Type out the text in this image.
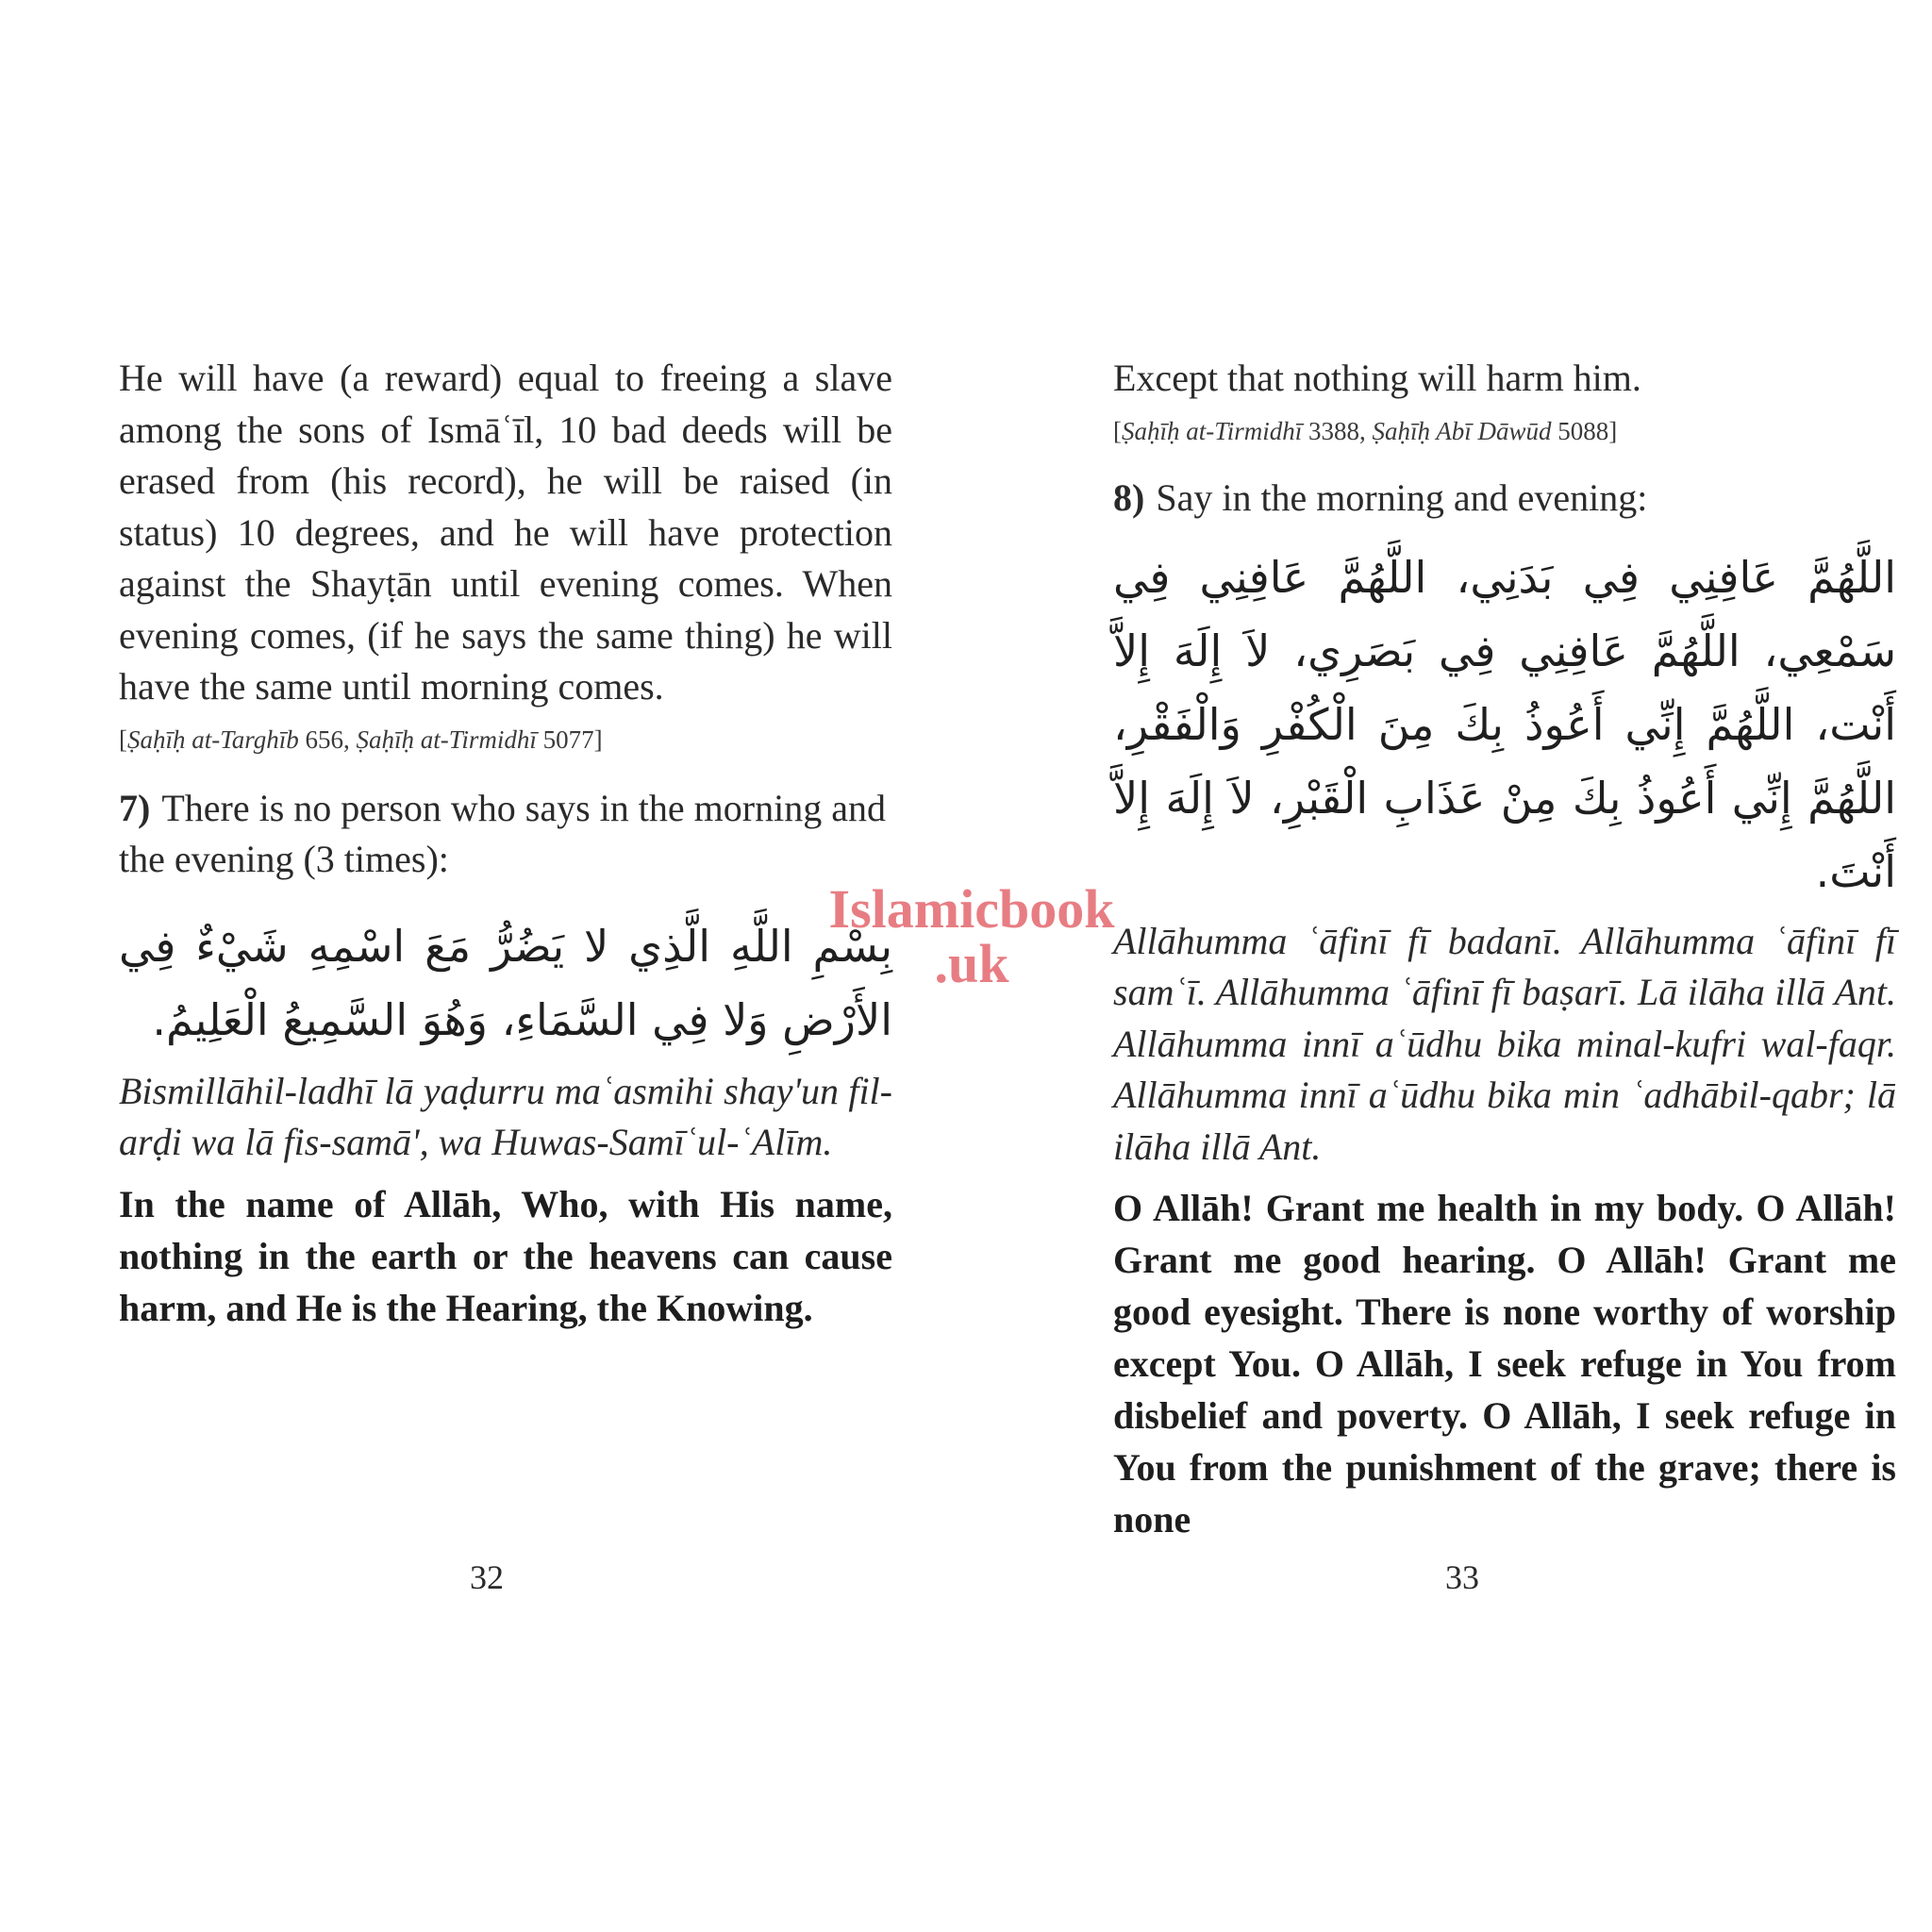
He will have (a reward) equal to freeing a slave among the sons of Ismāʿīl, 10 bad deeds will be erased from (his record), he will be raised (in status) 10 degrees, and he will have protection against the Shayṭān until evening comes. When evening comes, (if he says the same thing) he will have the same until morning comes.

[Ṣaḥīḥ at-Targhīb 656, Ṣaḥīḥ at-Tirmidhī 5077]

7) There is no person who says in the morning and the evening (3 times):

بِسْمِ اللَّهِ الَّذِي لا يَضُرُّ مَعَ اسْمِهِ شَيْءٌ فِي الأَرْضِ وَلا فِي السَّمَاءِ، وَهُوَ السَّمِيعُ الْعَلِيمُ.

Bismillāhil-ladhī lā yaḍurru maʿasmihi shay'un fil-arḍi wa lā fis-samā', wa Huwas-Samīʿul-ʿAlīm.

In the name of Allāh, Who, with His name, nothing in the earth or the heavens can cause harm, and He is the Hearing, the Knowing.

Except that nothing will harm him.

[Ṣaḥīḥ at-Tirmidhī 3388, Ṣaḥīḥ Abī Dāwūd 5088]

8) Say in the morning and evening:

اللَّهُمَّ عَافِنِي فِي بَدَنِي، اللَّهُمَّ عَافِنِي فِي سَمْعِي، اللَّهُمَّ عَافِنِي فِي بَصَرِي، لاَ إِلَهَ إِلاَّ أَنْت، اللَّهُمَّ إِنِّي أَعُوذُ بِكَ مِنَ الْكُفْرِ وَالْفَقْرِ، اللَّهُمَّ إِنِّي أَعُوذُ بِكَ مِنْ عَذَابِ الْقَبْرِ، لاَ إِلَهَ إِلاَّ أَنْتَ.

Allāhumma ʿāfinī fī badanī. Allāhumma ʿāfinī fī samʿī. Allāhumma ʿāfinī fī baṣarī. Lā ilāha illā Ant. Allāhumma innī aʿūdhu bika minal-kufri wal-faqr. Allāhumma innī aʿūdhu bika min ʿadhābil-qabr; lā ilāha illā Ant.

O Allāh! Grant me health in my body. O Allāh! Grant me good hearing. O Allāh! Grant me good eyesight. There is none worthy of worship except You. O Allāh, I seek refuge in You from disbelief and poverty. O Allāh, I seek refuge in You from the punishment of the grave; there is none

32	33
Islamicbook
.uk
